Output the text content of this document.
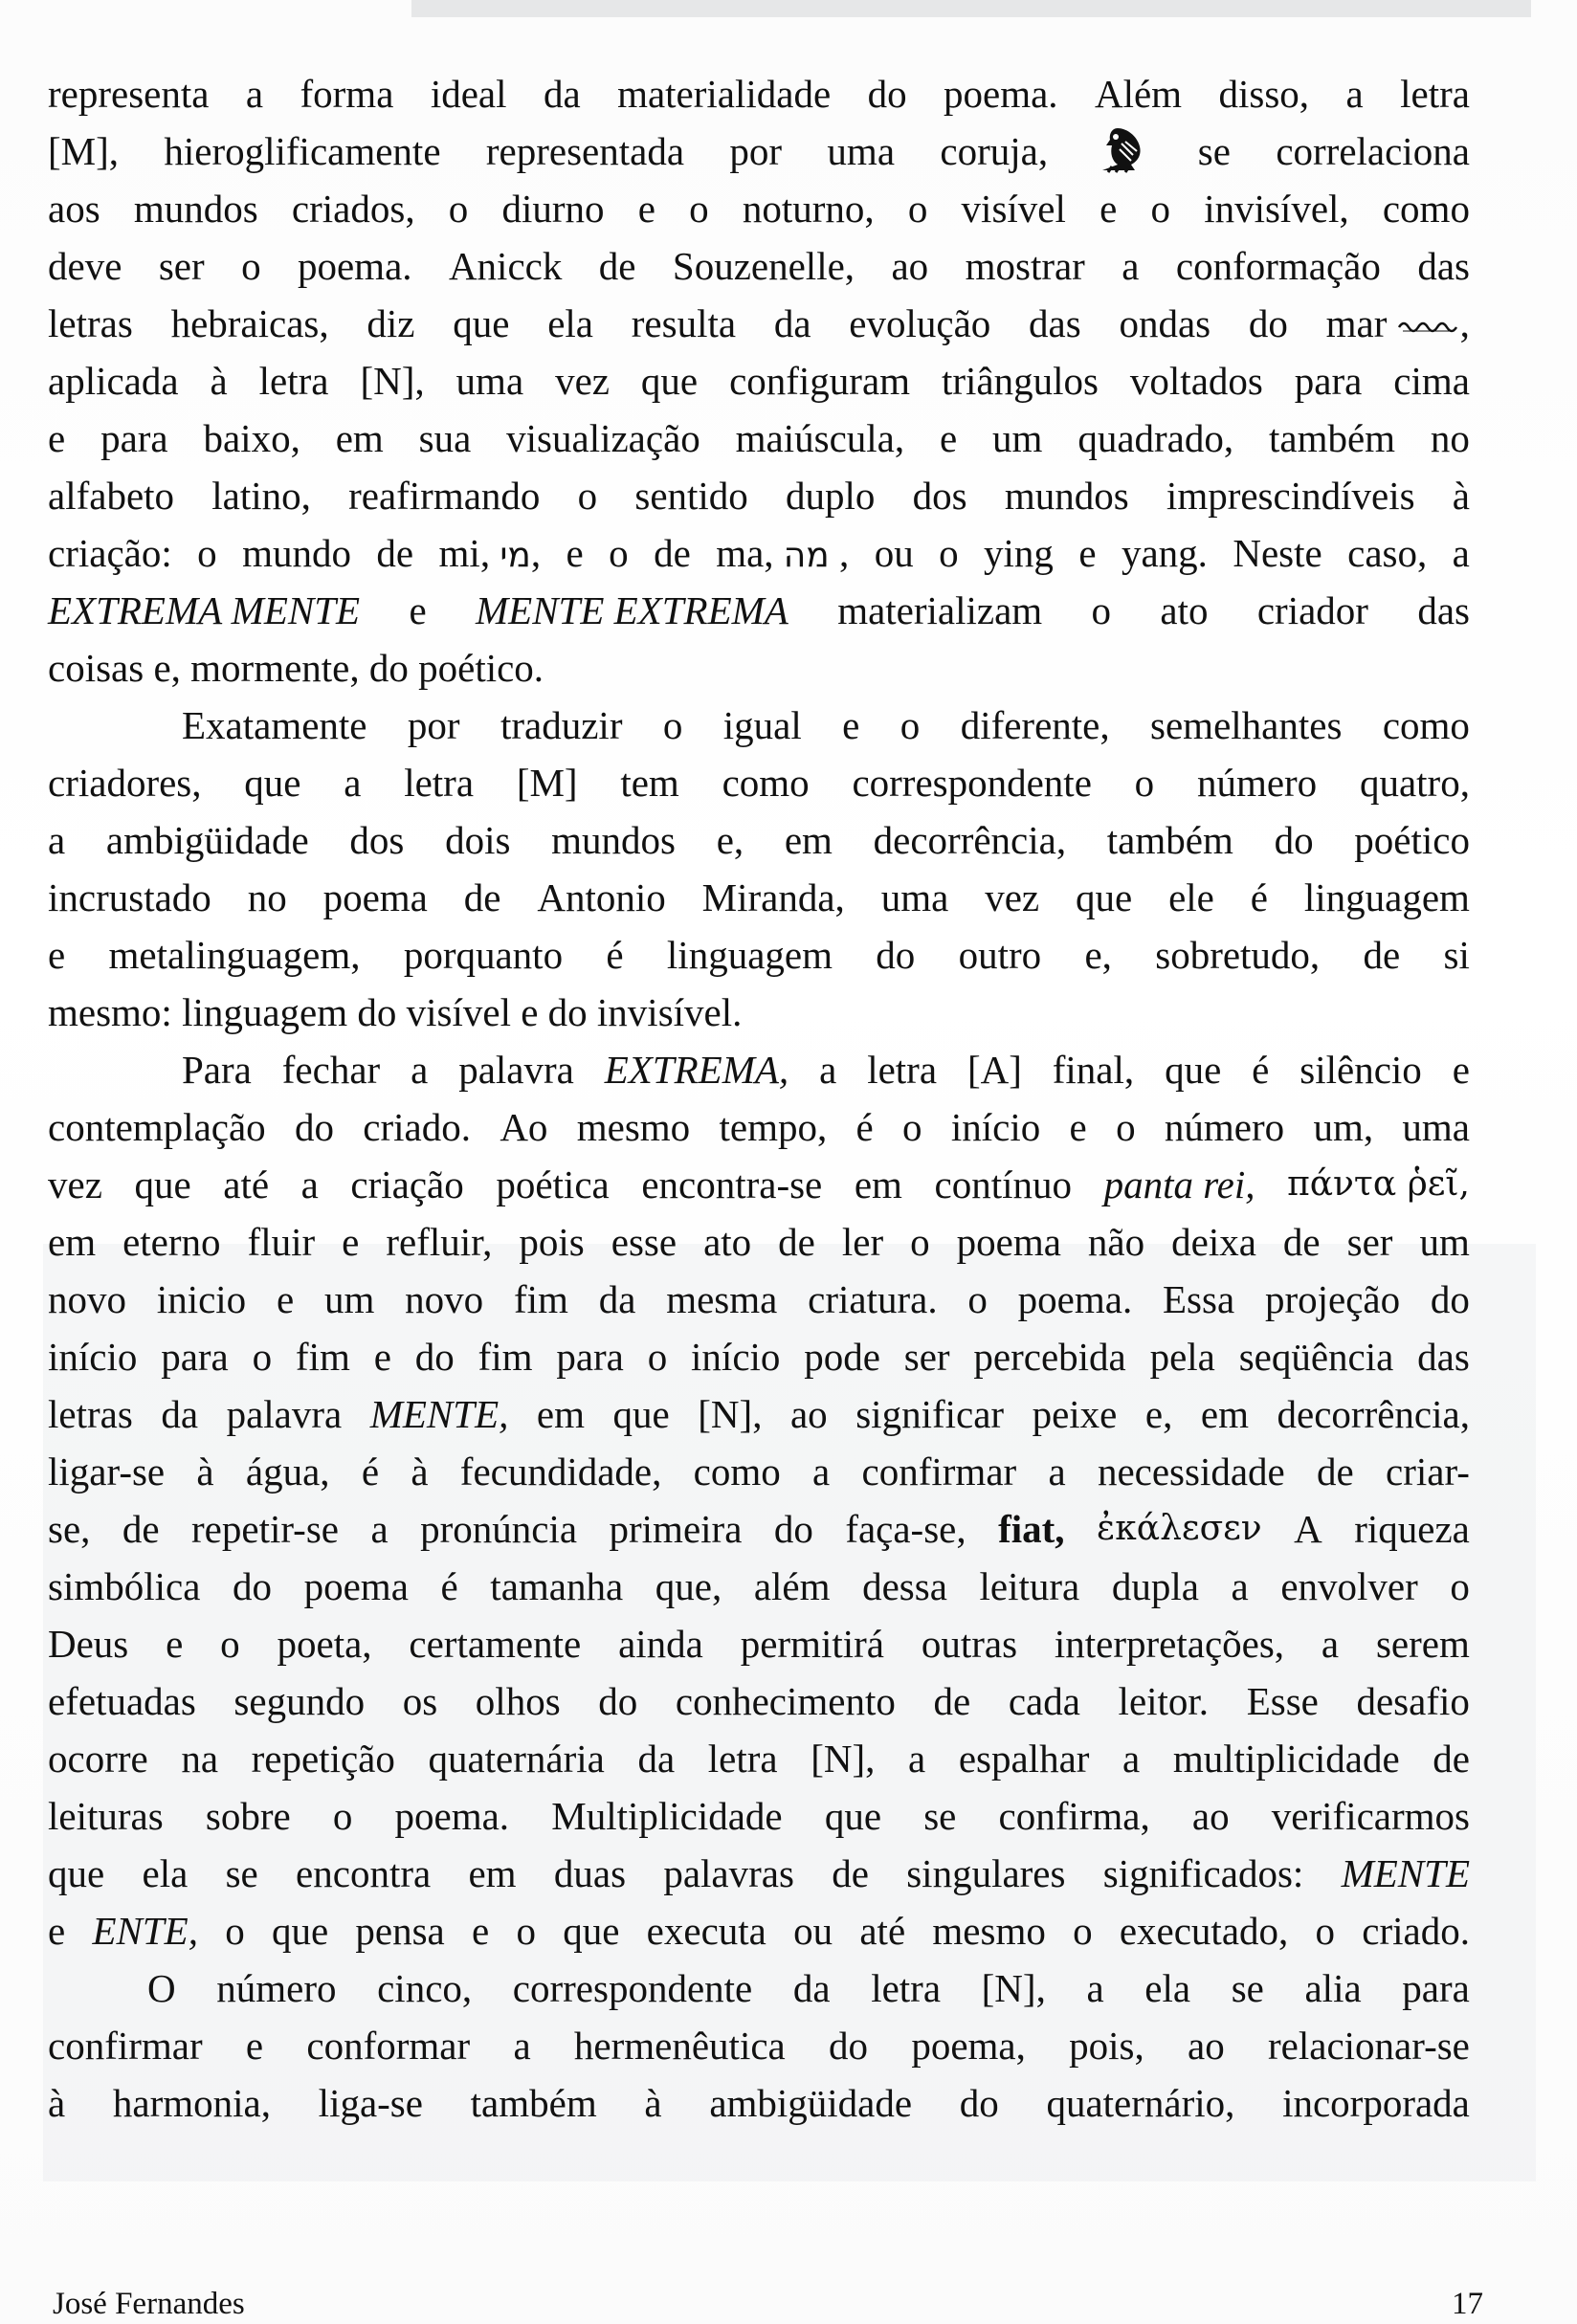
representa a forma ideal da materialidade do poema. Além disso, a letra
[M], hieroglificamente representada por uma coruja,	se correlaciona
aos mundos criados, o diurno e o noturno, o visível e o invisível, como
deve ser o poema. Anicck de Souzenelle, ao mostrar a conformação das
letras hebraicas, diz que ela resulta da evolução das ondas do mar ,
aplicada à letra [N], uma vez que configuram triângulos voltados para cima
e para baixo, em sua visualização maiúscula, e um quadrado, também no
alfabeto latino, reafirmando o sentido duplo dos mundos imprescindíveis à
criação: o mundo de mi, מי, e o de ma, מה , ou o ying e yang. Neste caso, a
EXTREMA MENTE e MENTE EXTREMA materializam o ato criador das
coisas e, mormente, do poético.
Exatamente por traduzir o igual e o diferente, semelhantes como
criadores, que a letra [M] tem como correspondente o número quatro,
a ambigüidade dos dois mundos e, em decorrência, também do poético
incrustado no poema de Antonio Miranda, uma vez que ele é linguagem
e metalinguagem, porquanto é linguagem do outro e, sobretudo, de si
mesmo: linguagem do visível e do invisível.
Para fechar a palavra EXTREMA, a letra [A] final, que é silêncio e
contemplação do criado. Ao mesmo tempo, é o início e o número um, uma
vez que até a criação poética encontra-se em contínuo panta rei, πάντα ῥεῖ,
em eterno fluir e refluir, pois esse ato de ler o poema não deixa de ser um
novo inicio e um novo fim da mesma criatura. o poema. Essa projeção do
início para o fim e do fim para o início pode ser percebida pela seqüência das
letras da palavra MENTE, em que [N], ao significar peixe e, em decorrência,
ligar-se à água, é à fecundidade, como a confirmar a necessidade de criar-
se, de repetir-se a pronúncia primeira do faça-se, fiat, ἐκάλεσεν A riqueza
simbólica do poema é tamanha que, além dessa leitura dupla a envolver o
Deus e o poeta, certamente ainda permitirá outras interpretações, a serem
efetuadas segundo os olhos do conhecimento de cada leitor. Esse desafio
ocorre na repetição quaternária da letra [N], a espalhar a multiplicidade de
leituras sobre o poema. Multiplicidade que se confirma, ao verificarmos
que ela se encontra em duas palavras de singulares significados: MENTE
e ENTE, o que pensa e o que executa ou até mesmo o executado, o criado.
O número cinco, correspondente da letra [N], a ela se alia para
confirmar e conformar a hermenêutica do poema, pois, ao relacionar-se
à harmonia, liga-se também à ambigüidade do quaternário, incorporada
José Fernandes	17
